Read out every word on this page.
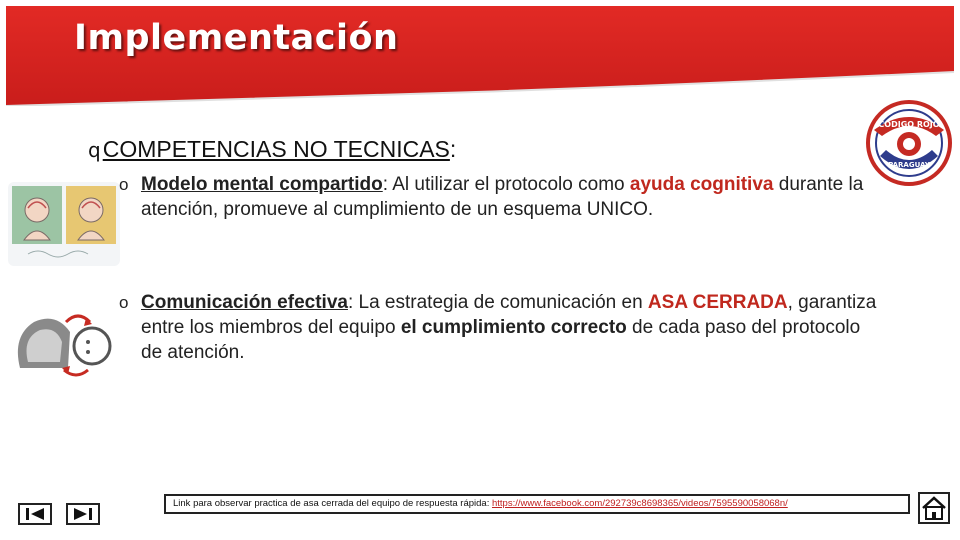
Implementación
CODIGO ROJO
PARAGUAY
qCOMPETENCIAS NO TECNICAS:
o Modelo mental compartido: Al utilizar el protocolo como ayuda cognitiva durante la atención, promueve al cumplimiento de un esquema UNICO.
o Comunicación efectiva: La estrategia de comunicación en ASA CERRADA, garantiza entre los miembros del equipo el cumplimiento correcto de cada paso del protocolo de atención.
Link para observar practica de asa cerrada del equipo de respuesta rápida: https://www.facebook.com/292739c8698365/videos/7595590058068n/
